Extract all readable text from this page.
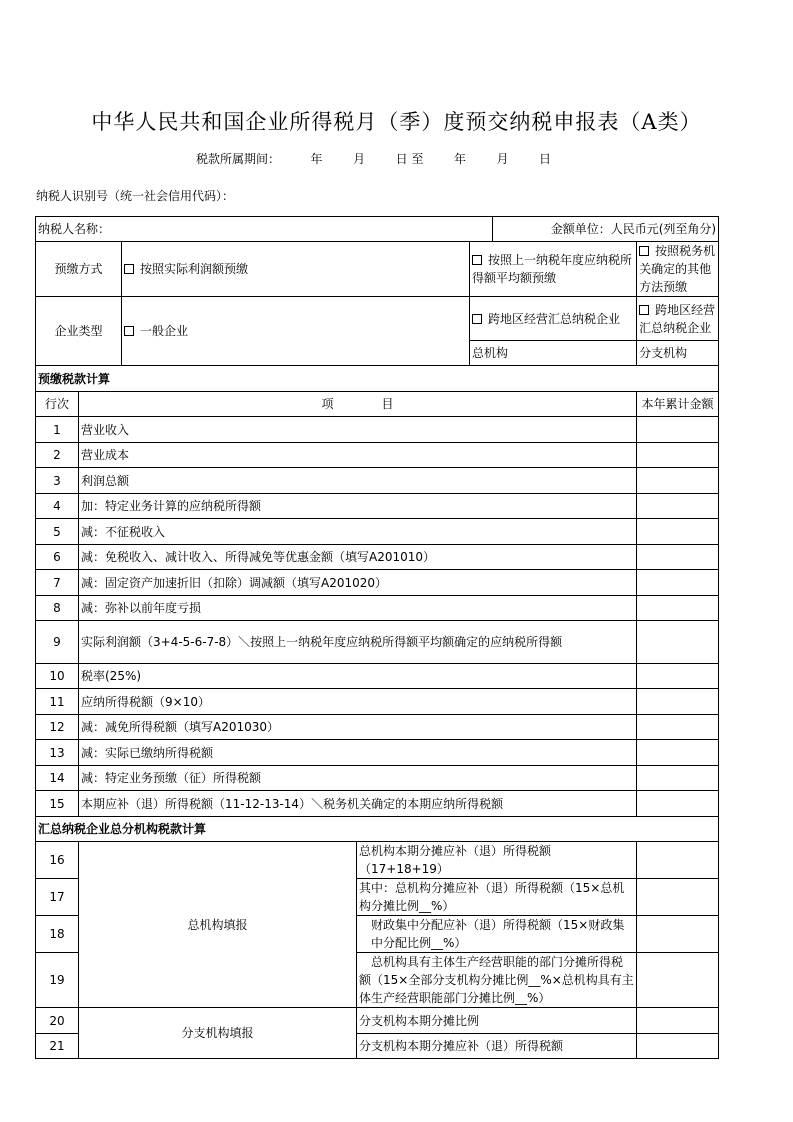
中华人民共和国企业所得税月（季）度预交纳税申报表（A类）
税款所属期间：	年	月	日 至	年	月	日
纳税人识别号（统一社会信用代码）：
纳税人名称：					金额单位：人民币元(列至角分)	
预缴方式		按照实际利润额预缴		按照上一纳税年度应纳税所得额平均额预缴		按照税务机关确定的其他方法预缴
企业类型		一般企业		跨地区经营汇总纳税企业		跨地区经营汇总纳税企业
				总机构		分支机构
预缴税款计算						
行次	项　　　　目					本年累计金额
1	营业收入					
2	营业成本					
3	利润总额					
4	加：特定业务计算的应纳税所得额					
5	减：不征税收入					
6	减：免税收入、减计收入、所得减免等优惠金额（填写A201010）					
7	减：固定资产加速折旧（扣除）调减额（填写A201020）					
8	减：弥补以前年度亏损					
9	实际利润额（3+4-5-6-7-8）＼按照上一纳税年度应纳税所得额平均额确定的应纳税所得额					
10	税率(25%)					
11	应纳所得税额（9×10）					
12	减：减免所得税额（填写A201030）					
13	减：实际已缴纳所得税额					
14	减：特定业务预缴（征）所得税额					
15	本期应补（退）所得税额（11-12-13-14）＼税务机关确定的本期应纳所得税额					
汇总纳税企业总分机构税款计算						
16	总机构填报		总机构本期分摊应补（退）所得税额（17+18+19）			
17			其中：总机构分摊应补（退）所得税额（15×总机构分摊比例__%）			
18			财政集中分配应补（退）所得税额（15×财政集中分配比例__%）			
19			总机构具有主体生产经营职能的部门分摊所得税额（15×全部分支机构分摊比例__%×总机构具有主体生产经营职能部门分摊比例__%）			
20	分支机构填报		分支机构本期分摊比例			
21			分支机构本期分摊应补（退）所得税额			
